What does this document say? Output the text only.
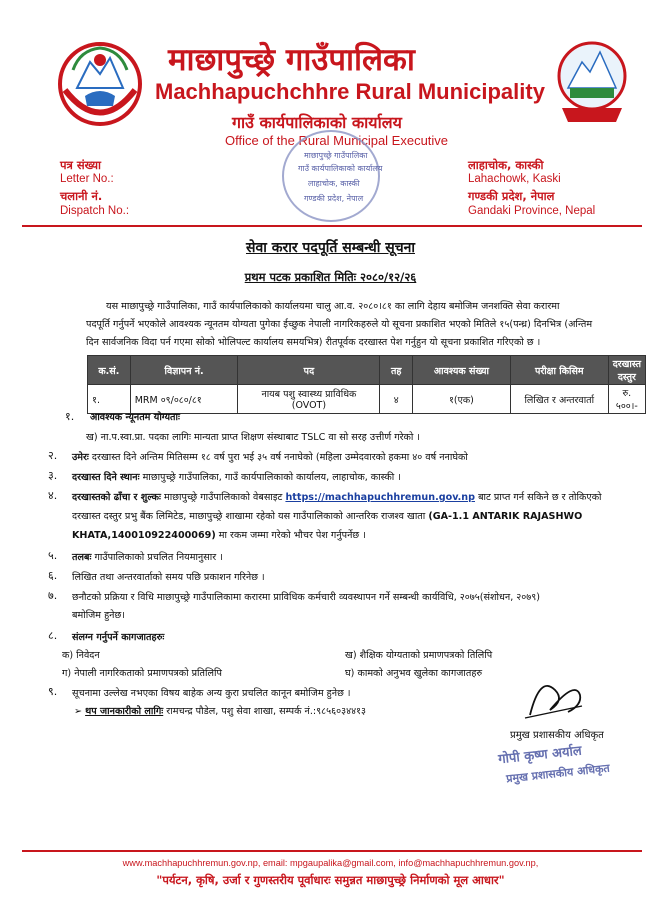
माछापुच्छ्रे गाउँपालिका
Machhapuchchhre Rural Municipality
गाउँ कार्यपालिकाको कार्यालय
Office of the Rural Municipal Executive
पत्र संख्या
Letter No.:
चलानी नं.
Dispatch No.:
लाहाचोक, कास्की
Lahachowk, Kaski
गण्डकी प्रदेश, नेपाल
Gandaki Province, Nepal
माछापुच्छ्रे गाउँपालिका
गाउँ कार्यपालिकाको कार्यालय
लाहाचोक, कास्की
गण्डकी प्रदेश, नेपाल
सेवा करार पदपूर्ति सम्बन्धी सूचना
प्रथम पटक प्रकाशित मितिः २०८०/१२/२६
यस माछापुच्छ्रे गाउँपालिका, गाउँ कार्यपालिकाको कार्यालयमा चालु आ.व. २०८०।८१ का लागि देहाय बमोजिम जनशक्ति सेवा करारमा
पदपूर्ति गर्नुपर्ने भएकोले आवश्यक न्यूनतम योग्यता पुगेका ईच्छुक नेपाली नागरिकहरुले यो सूचना प्रकाशित भएको मितिले १५(पन्ध्र) दिनभित्र (अन्तिम
दिन सार्वजनिक विदा पर्न गएमा सोको भोलिपल्ट कार्यालय समयभित्र) रीतपूर्वक दरखास्त पेश गर्नुहुन यो सूचना प्रकाशित गरिएको छ ।
क.सं.	विज्ञापन नं.	पद	तह	आवश्यक संख्या	परीक्षा किसिम	दरखास्त दस्तुर
१.	MRM ०९/०८०/८१	नायब पशु स्वास्थ्य प्राविधिक
(OVOT)	४	१(एक)	लिखित र अन्तरवार्ता	रु. ५००।-
१. आवश्यक न्यूनतम योग्यताः
ख) ना.प.स्वा.प्रा. पदका लागिः मान्यता प्राप्त शिक्षण संस्थाबाट TSLC वा सो सरह उत्तीर्ण गरेको ।
२. उमेरः दरखास्त दिने अन्तिम मितिसम्म १८ वर्ष पुरा भई ३५ वर्ष ननाघेको (महिला उम्मेदवारको हकमा ४० वर्ष ननाघेको
३. दरखास्त दिने स्थानः माछापुच्छ्रे गाउँपालिका, गाउँ कार्यपालिकाको कार्यालय, लाहाचोक, कास्की ।
४. दरखास्तको ढाँचा र शुल्कः माछापुच्छ्रे गाउँपालिकाको वेबसाइट https://machhapuchhremun.gov.np बाट प्राप्त गर्न सकिने छ र तोकिएको
दरखास्त दस्तुर प्रभु बैंक लिमिटेड, माछापुच्छ्रे शाखामा रहेको यस गाउँपालिकाको आन्तरिक राजश्व खाता (GA-1.1 ANTARIK RAJASHWO
KHATA,140010922400069) मा रकम जम्मा गरेको भौचर पेश गर्नुपर्नेछ ।
५. तलबः गाउँपालिकाको प्रचलित नियमानुसार ।
६. लिखित तथा अन्तरवार्ताको समय पछि प्रकाशन गरिनेछ ।
७. छनौटको प्रक्रिया र विधि माछापुच्छ्रे गाउँपालिकामा करारमा प्राविधिक कर्मचारी व्यवस्थापन गर्ने सम्बन्धी कार्यविधि, २०७५(संशोधन, २०७९)
बमोजिम हुनेछ।
८. संलग्न गर्नुपर्ने कागजातहरुः
क) निवेदन	ख) शैक्षिक योग्यताको प्रमाणपत्रको तिलिपि
ग) नेपाली नागरिकताको प्रमाणपत्रको प्रतिलिपि	घ) कामको अनुभव खुलेका कागजातहरु
९. सूचनामा उल्लेख नभएका विषय बाहेक अन्य कुरा प्रचलित कानून बमोजिम हुनेछ ।
➢ थप जानकारीको लागिः रामचन्द्र पौडेल, पशु सेवा शाखा, सम्पर्क नं.:९८५६०३४४१३
प्रमुख प्रशासकीय अधिकृत
गोपी कृष्ण अर्याल
प्रमुख प्रशासकीय अधिकृत
www.machhapuchhremun.gov.np, email: mpgaupalika@gmail.com, info@machhapuchhremun.gov.np,
"पर्यटन, कृषि, उर्जा र गुणस्तरीय पूर्वाधारः समुन्नत माछापुच्छ्रे निर्माणको मूल आधार"
